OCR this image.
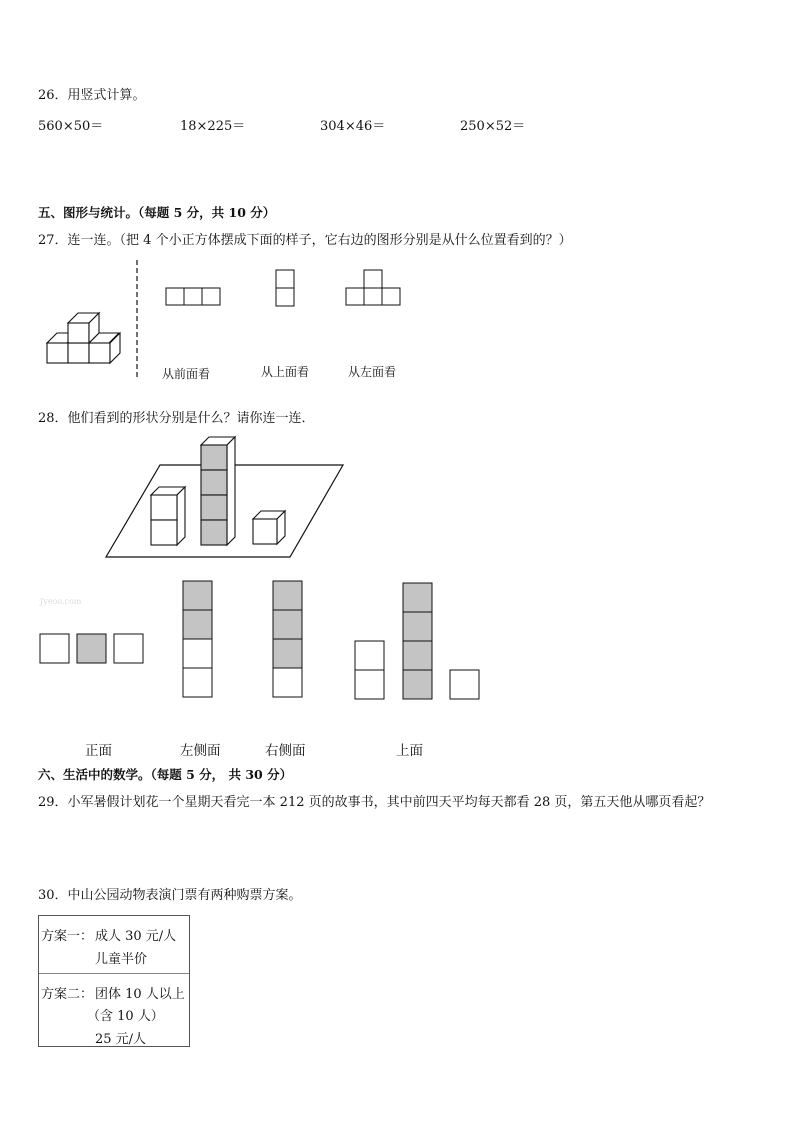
26．用竖式计算。
560×50＝	18×225＝	304×46＝	250×52＝
五、图形与统计。（每题 5 分，共 10 分）
27．连一连。（把 4 个小正方体摆成下面的样子，它右边的图形分别是从什么位置看到的？）
从前面看	从上面看	从左面看
28．他们看到的形状分别是什么？请你连一连．
Jyeoo.com
正面	左侧面	右侧面	上面
六、生活中的数学。（每题 5 分， 共 30 分）
29．小军暑假计划花一个星期天看完一本 212 页的故事书，其中前四天平均每天都看 28 页，第五天他从哪页看起？
30．中山公园动物表演门票有两种购票方案。
方案一： 成人 30 元/人
儿童半价
方案二： 团体 10 人以上
（含 10 人）
25 元/人
